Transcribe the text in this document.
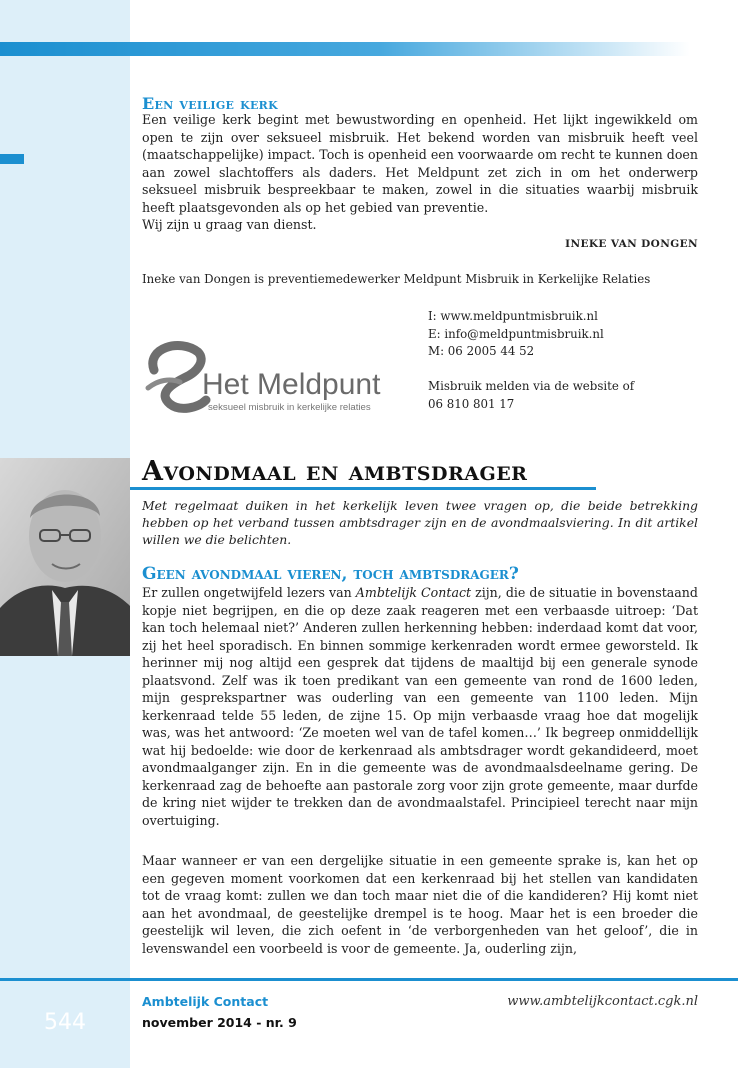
Een veilige kerk

Een veilige kerk begint met bewustwording en openheid. Het lijkt ingewikkeld om open te zijn over seksueel misbruik. Het bekend worden van misbruik heeft veel (maatschappelijke) impact. Toch is openheid een voorwaarde om recht te kunnen doen aan zowel slachtoffers als daders. Het Meldpunt zet zich in om het onderwerp seksueel misbruik bespreekbaar te maken, zowel in die situaties waarbij misbruik heeft plaatsgevonden als op het gebied van preventie.

Wij zijn u graag van dienst.

INEKE VAN DONGEN
Ineke van Dongen is preventiemedewerker Meldpunt Misbruik in Kerkelijke Relaties
Het Meldpunt
seksueel misbruik in kerkelijke relaties
I: www.meldpuntmisbruik.nl
E: info@meldpuntmisbruik.nl
M: 06 2005 44 52
Misbruik melden via de website of
06 810 801 17
Avondmaal en ambtsdrager

Met regelmaat duiken in het kerkelijk leven twee vragen op, die beide betrekking hebben op het verband tussen ambtsdrager zijn en de avondmaalsviering. In dit artikel willen we die belichten.

Geen avondmaal vieren, toch ambtsdrager?

Er zullen ongetwijfeld lezers van Ambtelijk Contact zijn, die de situatie in bovenstaand kopje niet begrijpen, en die op deze zaak reageren met een verbaasde uitroep: ‘Dat kan toch helemaal niet?’ Anderen zullen herkenning hebben: inderdaad komt dat voor, zij het heel sporadisch. En binnen sommige kerkenraden wordt ermee geworsteld. Ik herinner mij nog altijd een gesprek dat tijdens de maaltijd bij een generale synode plaatsvond. Zelf was ik toen predikant van een gemeente van rond de 1600 leden, mijn gesprekspartner was ouderling van een gemeente van 1100 leden. Mijn kerkenraad telde 55 leden, de zijne 15. Op mijn verbaasde vraag hoe dat mogelijk was, was het antwoord: ‘Ze moeten wel van de tafel komen…’ Ik begreep onmiddellijk wat hij bedoelde: wie door de kerkenraad als ambtsdrager wordt gekandideerd, moet avondmaalganger zijn. En in die gemeente was de avondmaalsdeelname gering. De kerkenraad zag de behoefte aan pastorale zorg voor zijn grote gemeente, maar durfde de kring niet wijder te trekken dan de avondmaalstafel. Principieel terecht naar mijn overtuiging.

Maar wanneer er van een dergelijke situatie in een gemeente sprake is, kan het op een gegeven moment voorkomen dat een kerkenraad bij het stellen van kandidaten tot de vraag komt: zullen we dan toch maar niet die of die kandideren? Hij komt niet aan het avondmaal, de geestelijke drempel is te hoog. Maar het is een broeder die geestelijk wil leven, die zich oefent in ‘de verborgenheden van het geloof’, die in levenswandel een voorbeeld is voor de gemeente. Ja, ouderling zijn,

544
Ambtelijk Contact
november 2014 - nr. 9
www.ambtelijkcontact.cgk.nl
